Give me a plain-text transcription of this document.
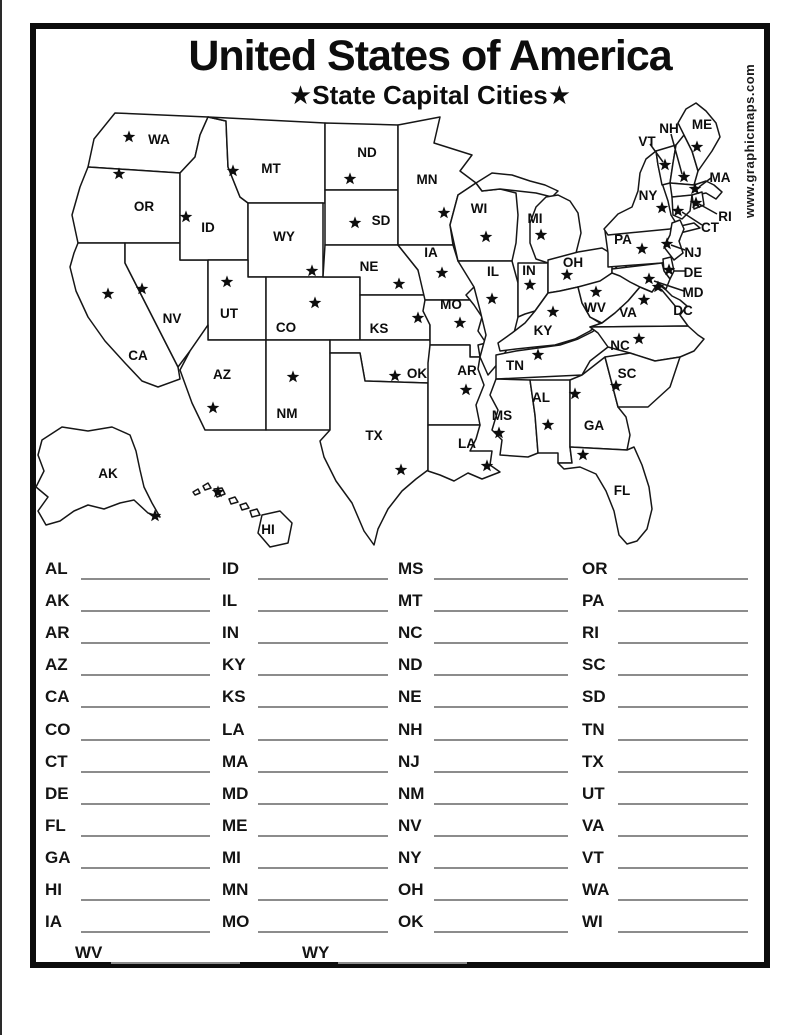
United States of America
★State Capital Cities★	www.graphicmaps.com
WA
OR
CA
NV
ID
MT
WY
UT
AZ
CO
NM
ND
SD
NE
KS
OK
TX
MN
IA
MO
AR
LA
WI
IL
MI
IN
OH
KY
TN
MS
AL
GA
FL
WV VA
NC
SC
NY
PA
ME
VT
NH
MA
RI
CT
NJ
DE
MD
DC
AK
HI
AL
AK
AR
AZ
CA
CO
CT
DE
FL
GA
HI
IA
ID
IL
IN
KY
KS
LA
MA
MD
ME
MI
MN
MO
MS
MT
NC
ND
NE
NH
NJ
NM
NV
NY
OH
OK
OR
PA
RI
SC
SD
TN
TX
UT
VA
VT
WA
WI
WV	WY
